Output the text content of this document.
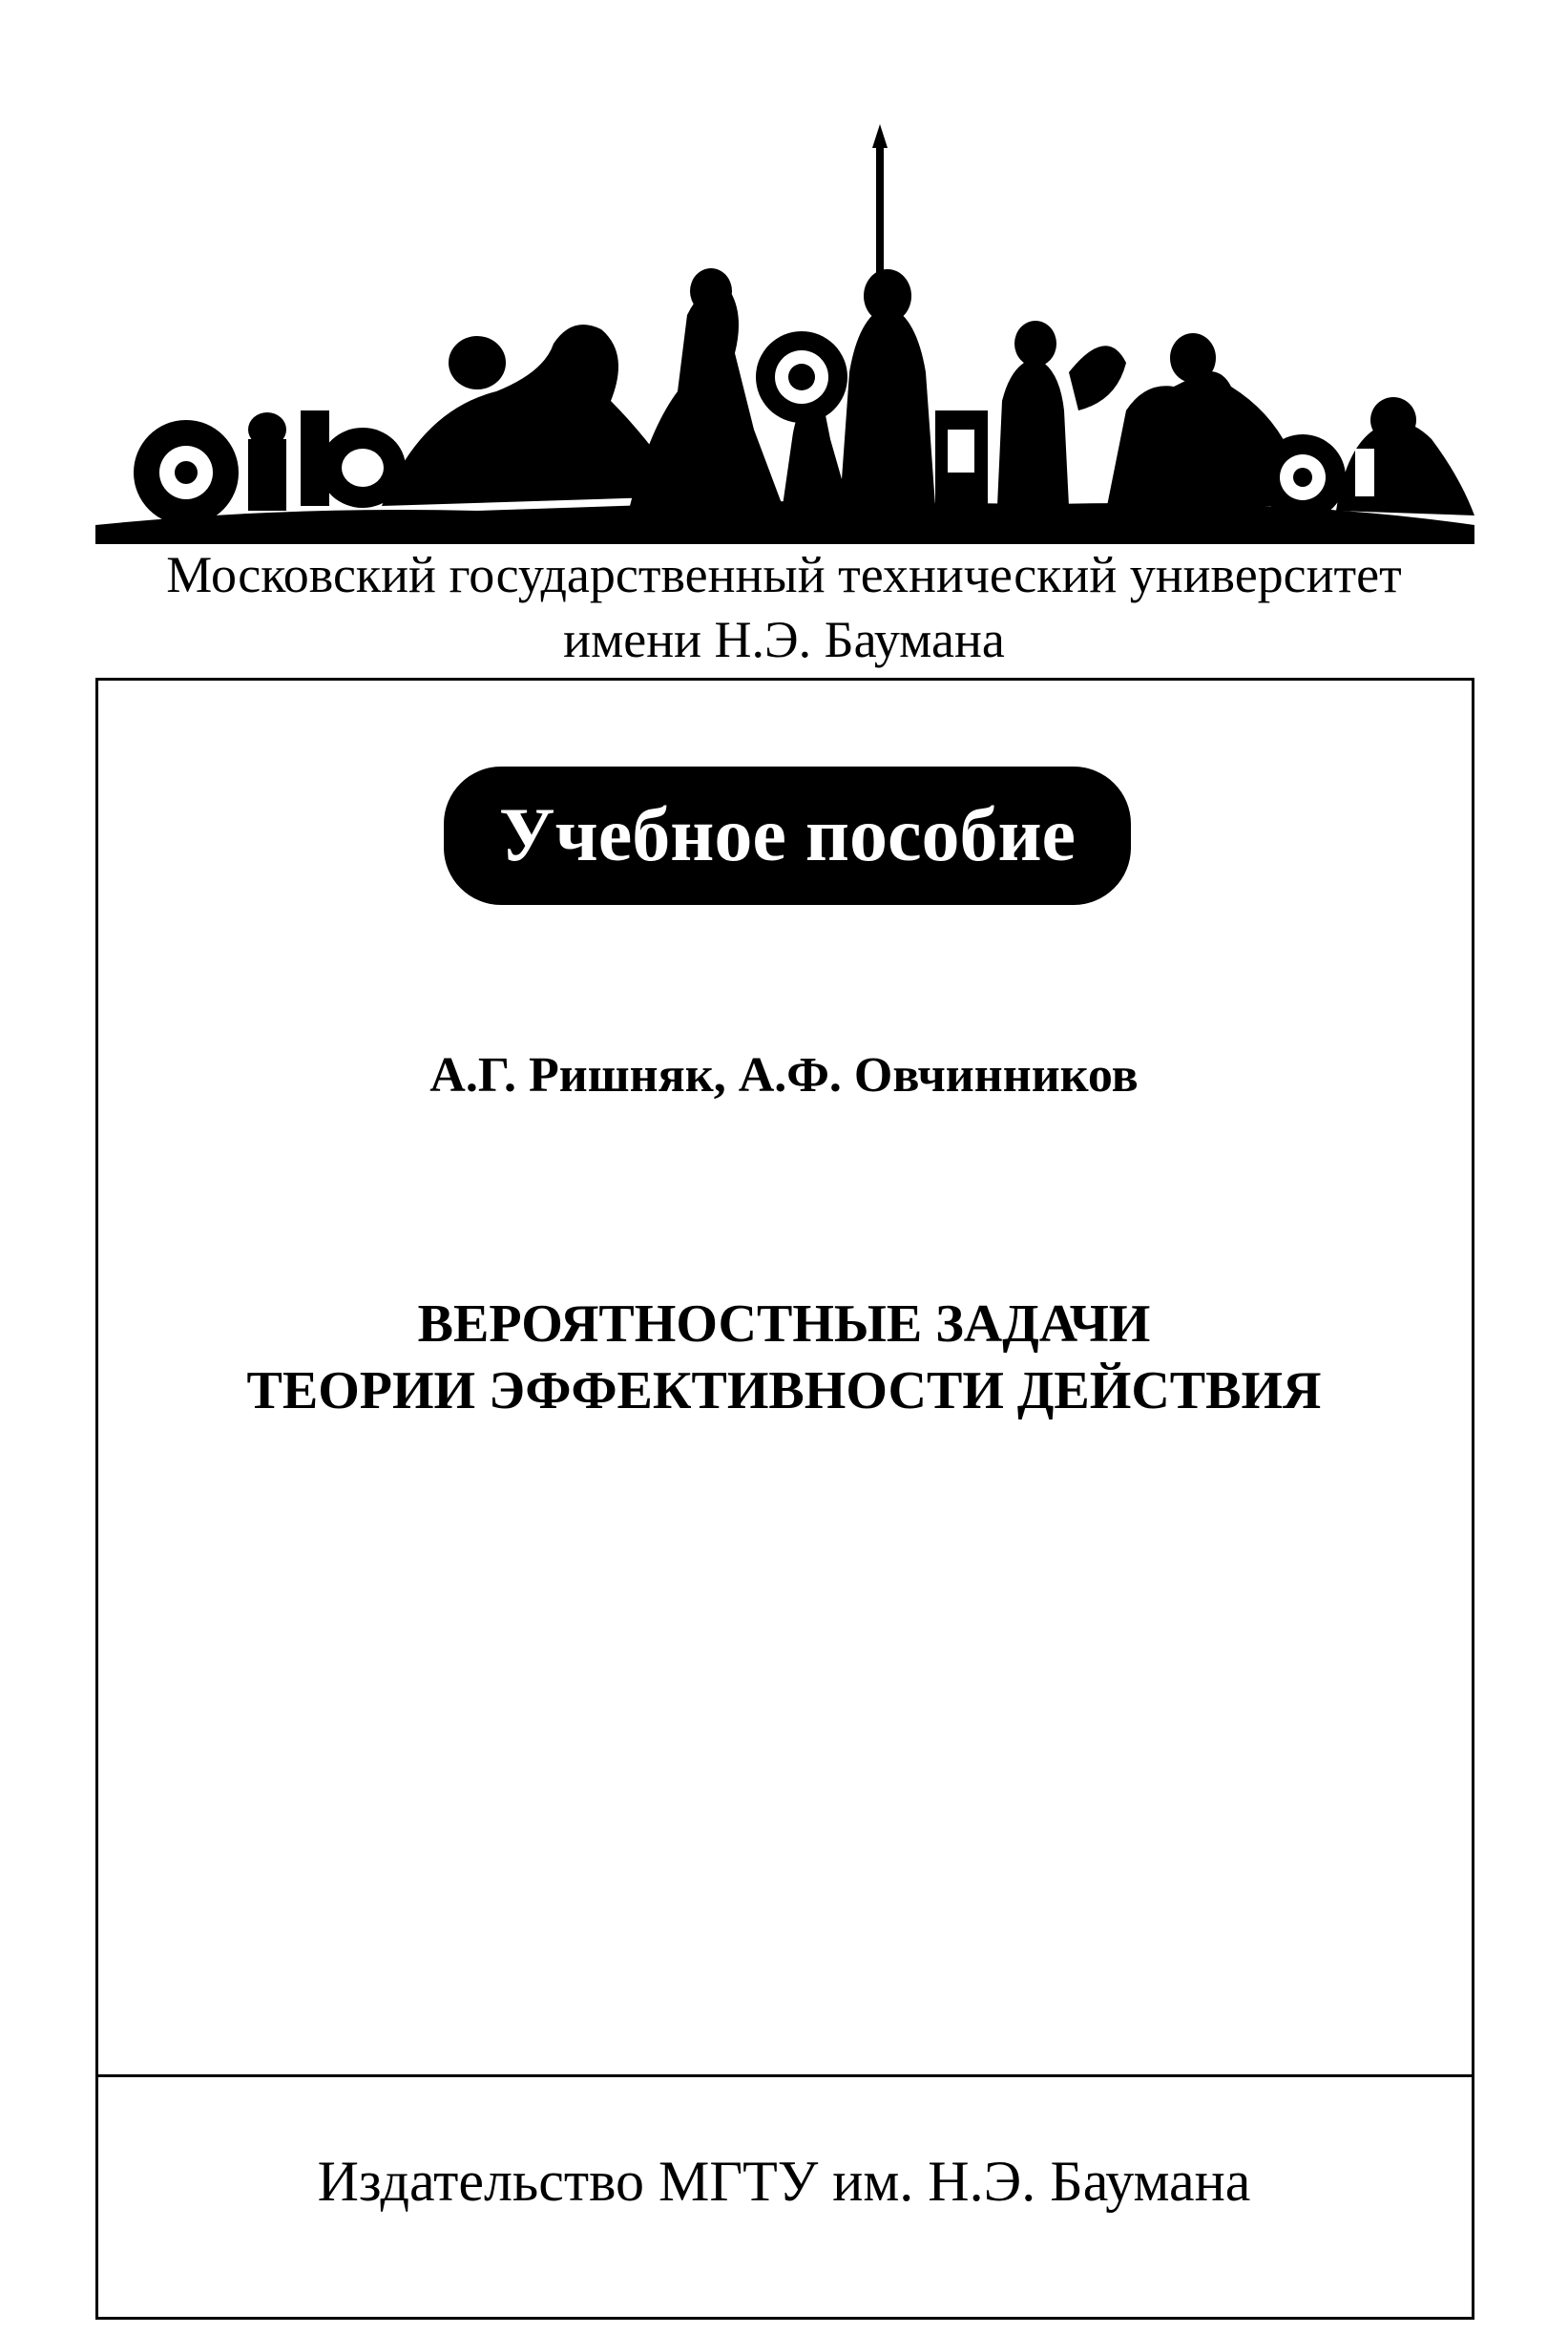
Московский государственный технический университет
имени Н.Э. Баумана
Учебное пособие
А.Г. Ришняк, А.Ф. Овчинников
ВЕРОЯТНОСТНЫЕ ЗАДАЧИ
ТЕОРИИ ЭФФЕКТИВНОСТИ ДЕЙСТВИЯ
Издательство МГТУ им. Н.Э. Баумана
